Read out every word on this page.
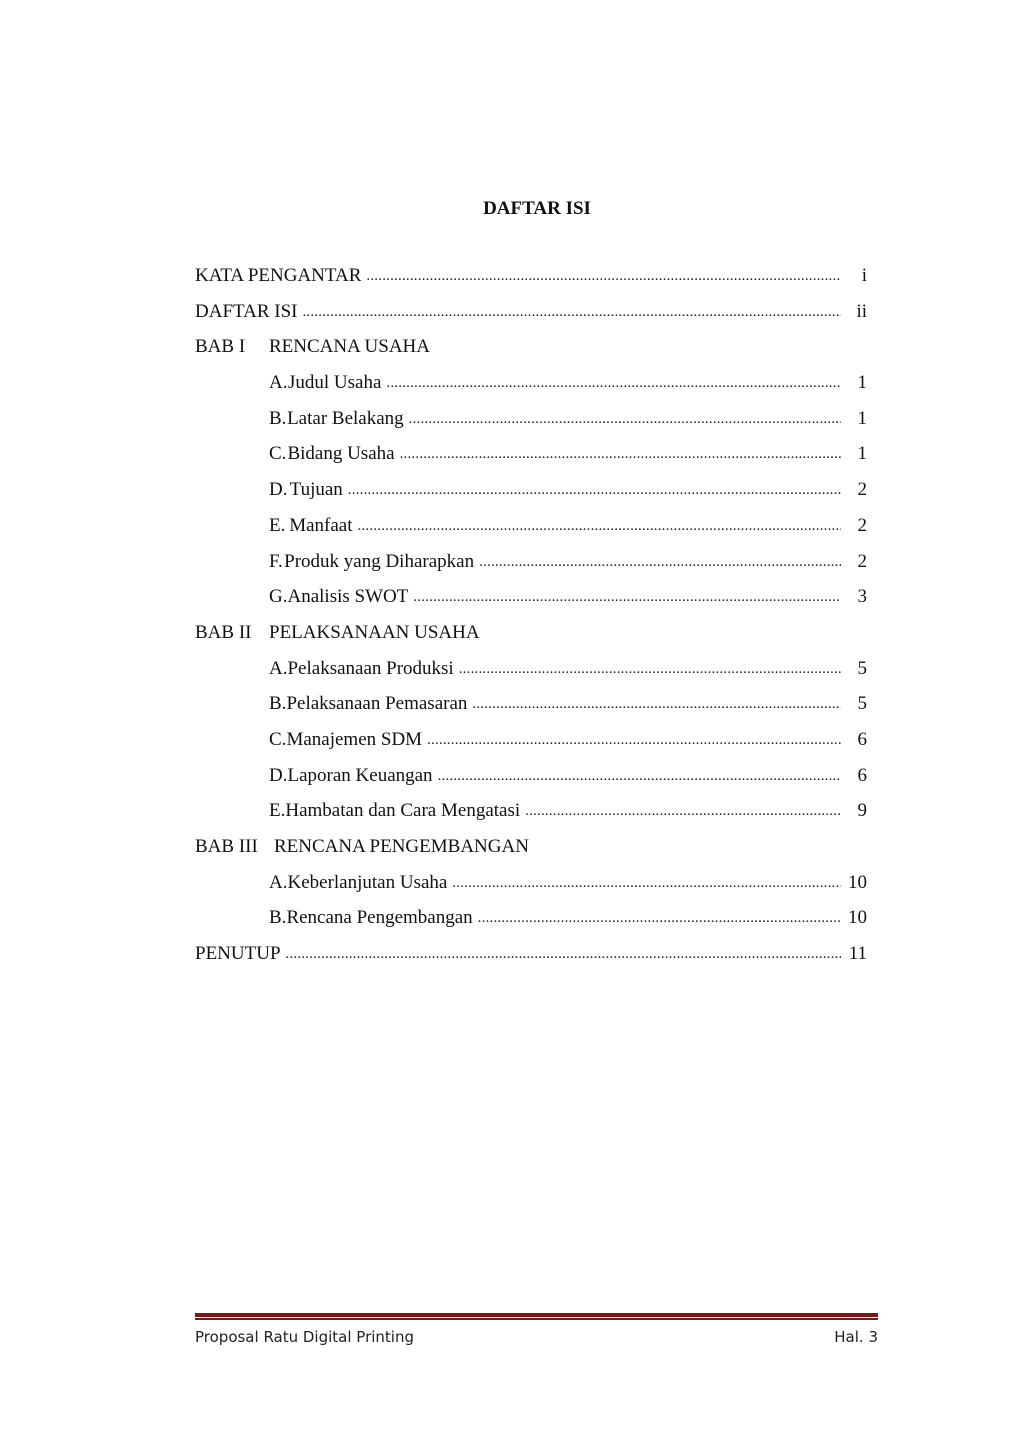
DAFTAR ISI
KATA PENGANTAR .....	i
DAFTAR ISI .....	ii
BAB I	RENCANA USAHA
A. Judul Usaha .....	1
B. Latar Belakang .....	1
C. Bidang Usaha .....	1
D. Tujuan .....	2
E. Manfaat .....	2
F. Produk yang Diharapkan .....	2
G. Analisis SWOT .....	3
BAB II PELAKSANAAN USAHA
A. Pelaksanaan Produksi .....	5
B. Pelaksanaan Pemasaran .....	5
C. Manajemen SDM .....	6
D. Laporan Keuangan .....	6
E. Hambatan dan Cara Mengatasi .....	9
BAB III RENCANA PENGEMBANGAN
A. Keberlanjutan Usaha .....	10
B. Rencana Pengembangan .....	10
PENUTUP .....	11
Proposal Ratu Digital Printing	Hal. 3
